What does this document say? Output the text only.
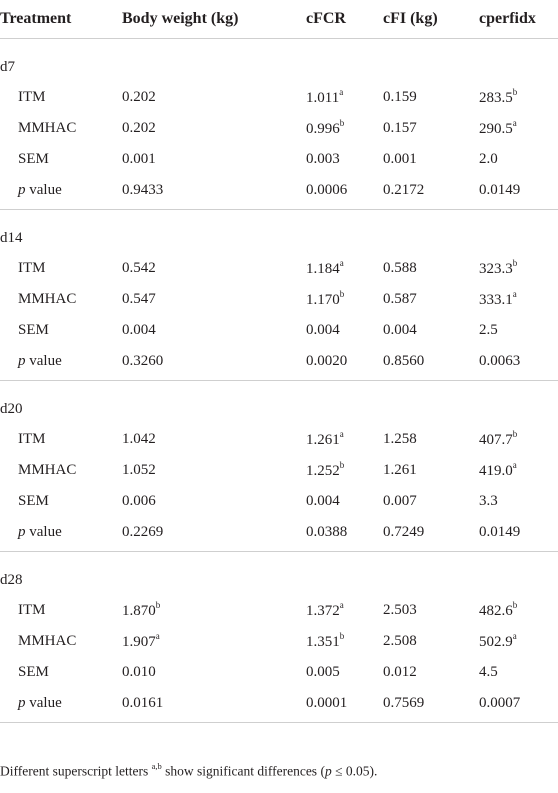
Treatment	Body weight (kg)	cFCR	cFI (kg)	cperfidx
d7				
ITM	0.202	1.011$^a$	0.159	283.5$^b$
MMHAC	0.202	0.996$^b$	0.157	290.5$^a$
SEM	0.001	0.003	0.001	2.0
p value	0.9433	0.0006	0.2172	0.0149
d14				
ITM	0.542	1.184$^a$	0.588	323.3$^b$
MMHAC	0.547	1.170$^b$	0.587	333.1$^a$
SEM	0.004	0.004	0.004	2.5
p value	0.3260	0.0020	0.8560	0.0063
d20				
ITM	1.042	1.261$^a$	1.258	407.7$^b$
MMHAC	1.052	1.252$^b$	1.261	419.0$^a$
SEM	0.006	0.004	0.007	3.3
p value	0.2269	0.0388	0.7249	0.0149
d28				
ITM	1.870$^b$	1.372$^a$	2.503	482.6$^b$
MMHAC	1.907$^a$	1.351$^b$	2.508	502.9$^a$
SEM	0.010	0.005	0.012	4.5
p value	0.0161	0.0001	0.7569	0.0007
Different superscript letters $^{a,b}$ show significant differences (p ≤ 0.05).
